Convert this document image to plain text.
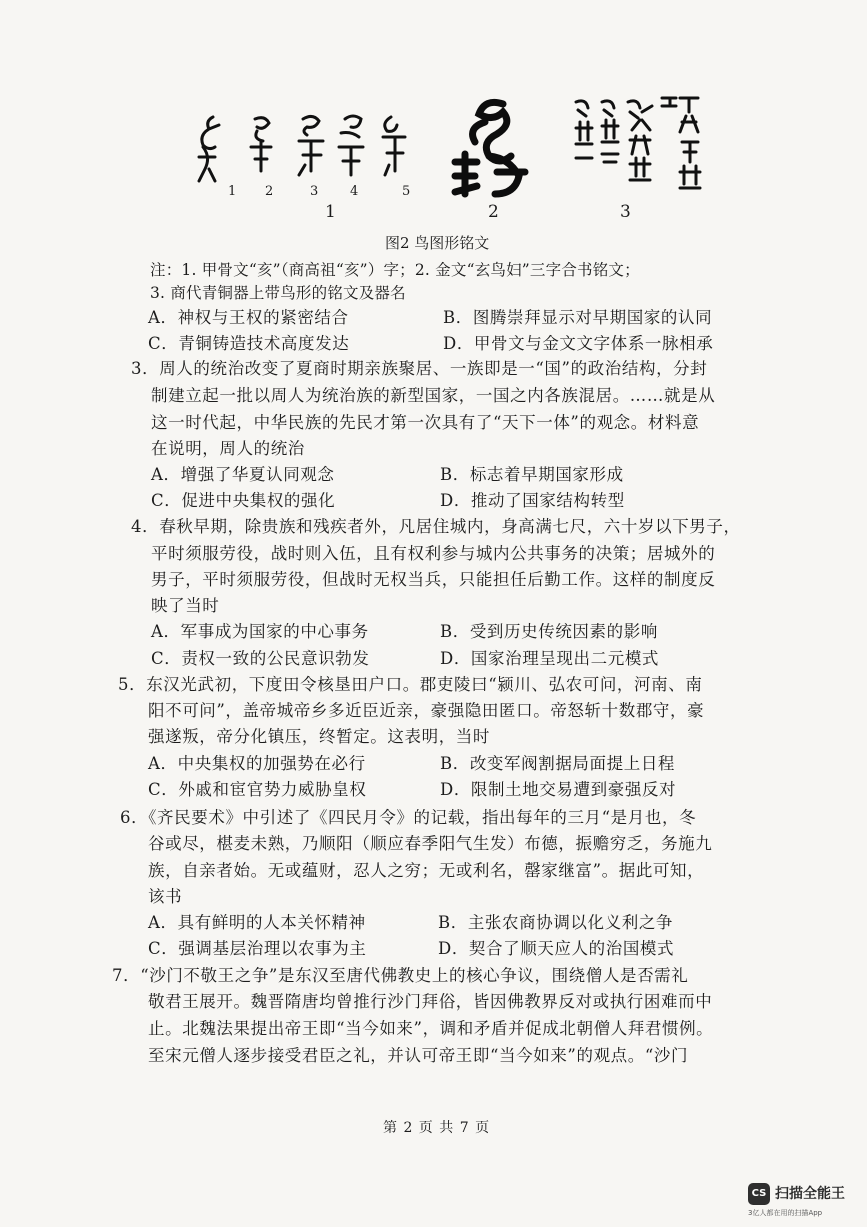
1 2	3 4	5
1	2	3
图2 鸟图形铭文
注：1. 甲骨文“亥”（商高祖“亥”）字；2. 金文“玄鸟妇”三字合书铭文；
3. 商代青铜器上带鸟形的铭文及器名
A．神权与王权的紧密结合	B．图腾崇拜显示对早期国家的认同
C．青铜铸造技术高度发达	D．甲骨文与金文文字体系一脉相承
3．周人的统治改变了夏商时期亲族聚居、一族即是一“国”的政治结构，分封
制建立起一批以周人为统治族的新型国家，一国之内各族混居。……就是从
这一时代起，中华民族的先民才第一次具有了“天下一体”的观念。材料意
在说明，周人的统治
A．增强了华夏认同观念	B．标志着早期国家形成
C．促进中央集权的强化	D．推动了国家结构转型
4．春秋早期，除贵族和残疾者外，凡居住城内，身高满七尺，六十岁以下男子，
平时须服劳役，战时则入伍，且有权利参与城内公共事务的决策；居城外的
男子，平时须服劳役，但战时无权当兵，只能担任后勤工作。这样的制度反
映了当时
A．军事成为国家的中心事务	B．受到历史传统因素的影响
C．责权一致的公民意识勃发	D．国家治理呈现出二元模式
5．东汉光武初，下度田令核垦田户口。郡吏陵曰“颍川、弘农可问，河南、南
阳不可问”，盖帝城帝乡多近臣近亲，豪强隐田匿口。帝怒斩十数郡守，豪
强遂叛，帝分化镇压，终暂定。这表明，当时
A．中央集权的加强势在必行	B．改变军阀割据局面提上日程
C．外戚和宦官势力威胁皇权	D．限制土地交易遭到豪强反对
6．《齐民要术》中引述了《四民月令》的记载，指出每年的三月“是月也，冬
谷或尽，椹麦未熟，乃顺阳（顺应春季阳气生发）布德，振赡穷乏，务施九
族，自亲者始。无或蕴财，忍人之穷；无或利名，罄家继富”。据此可知，
该书
A．具有鲜明的人本关怀精神	B．主张农商协调以化义利之争
C．强调基层治理以农事为主	D．契合了顺天应人的治国模式
7．“沙门不敬王之争”是东汉至唐代佛教史上的核心争议，围绕僧人是否需礼
敬君王展开。魏晋隋唐均曾推行沙门拜俗，皆因佛教界反对或执行困难而中
止。北魏法果提出帝王即“当今如来”，调和矛盾并促成北朝僧人拜君惯例。
至宋元僧人逐步接受君臣之礼，并认可帝王即“当今如来”的观点。“沙门
第 2 页 共 7 页
CS 扫描全能王
3亿人都在用的扫描App
